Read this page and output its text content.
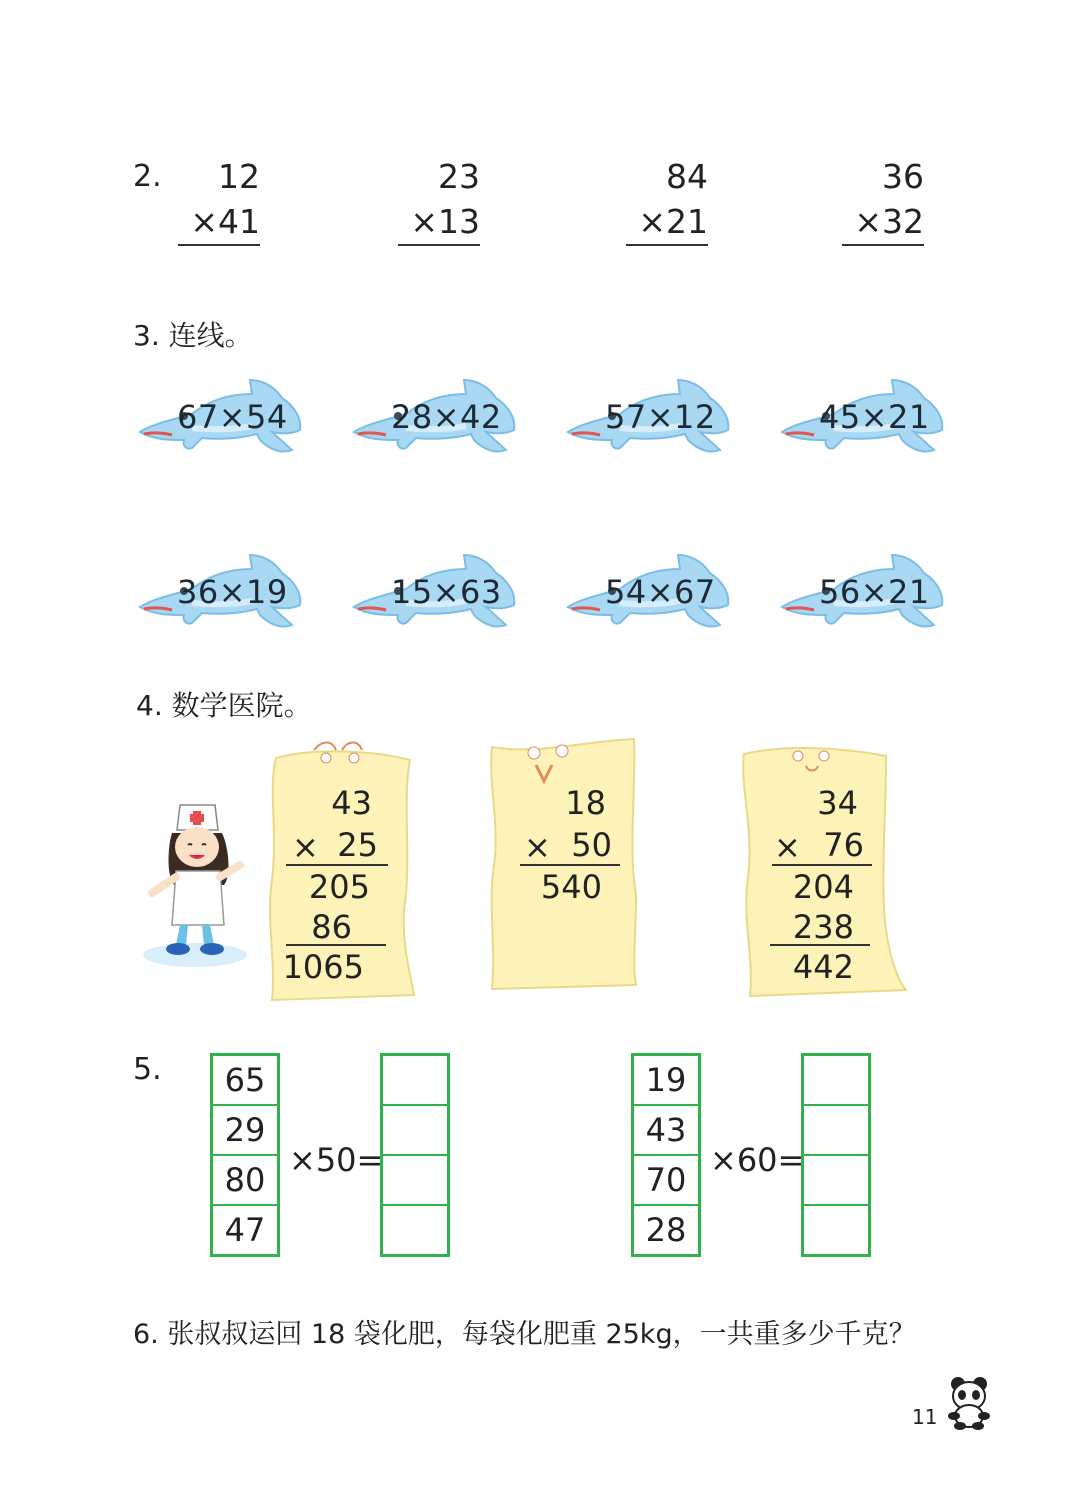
2.	12
×41
23
×13
84
×21
36
×32
3. 连线。
67×54	28×42	57×12	45×21
36×19	15×63	54×67	56×21
4. 数学医院。
43
× 25
205
86
1065
18
× 50
540
34
× 76
204
238
442
5.	65
29
80
47
×50=
19
43
70
28
×60=
6. 张叔叔运回 18 袋化肥，每袋化肥重 25kg，一共重多少千克？
11
